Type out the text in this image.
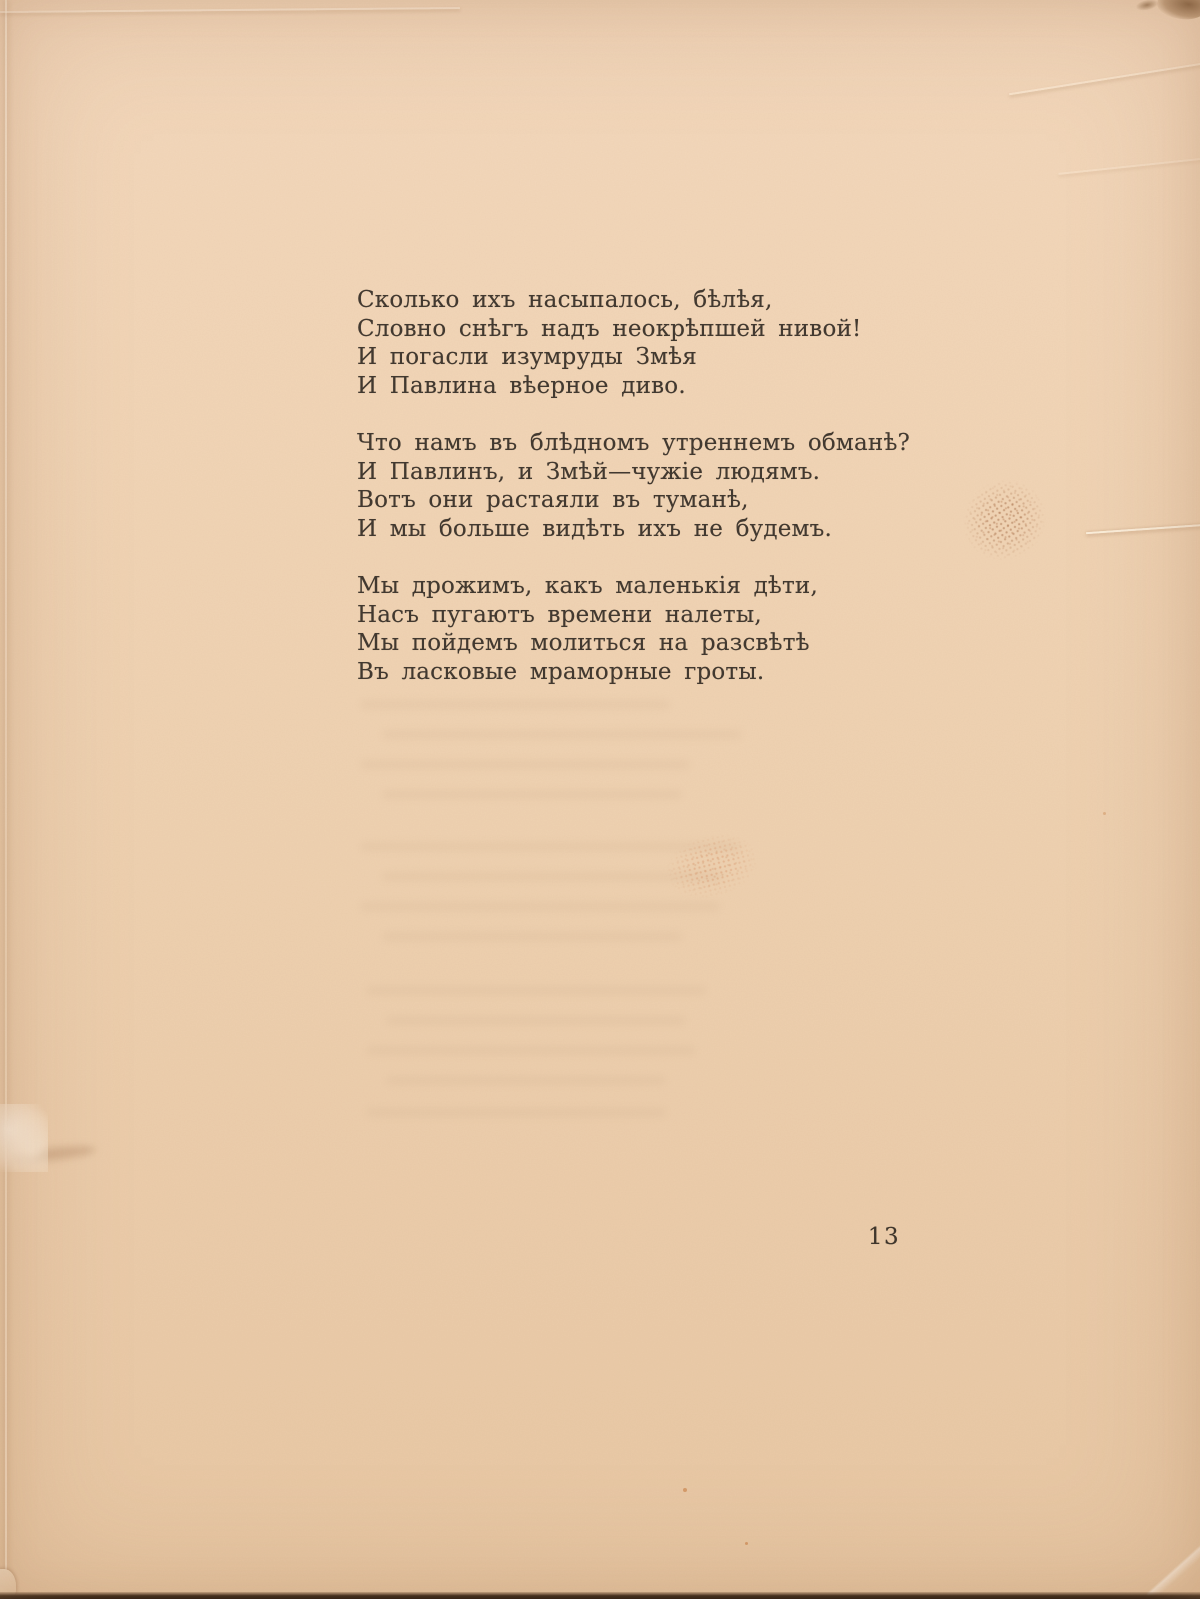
Сколько ихъ насыпалось, бѣлѣя,

Словно снѣгъ надъ неокрѣпшей нивой!

И погасли изумруды Змѣя

И Павлина вѣерное диво.

Что намъ въ блѣдномъ утреннемъ обманѣ?

И Павлинъ, и Змѣй—чужіе людямъ.

Вотъ они растаяли въ туманѣ,

И мы больше видѣть ихъ не будемъ.

Мы дрожимъ, какъ маленькія дѣти,

Насъ пугаютъ времени налеты,

Мы пойдемъ молиться на разсвѣтѣ

Въ ласковые мраморные гроты.

13
